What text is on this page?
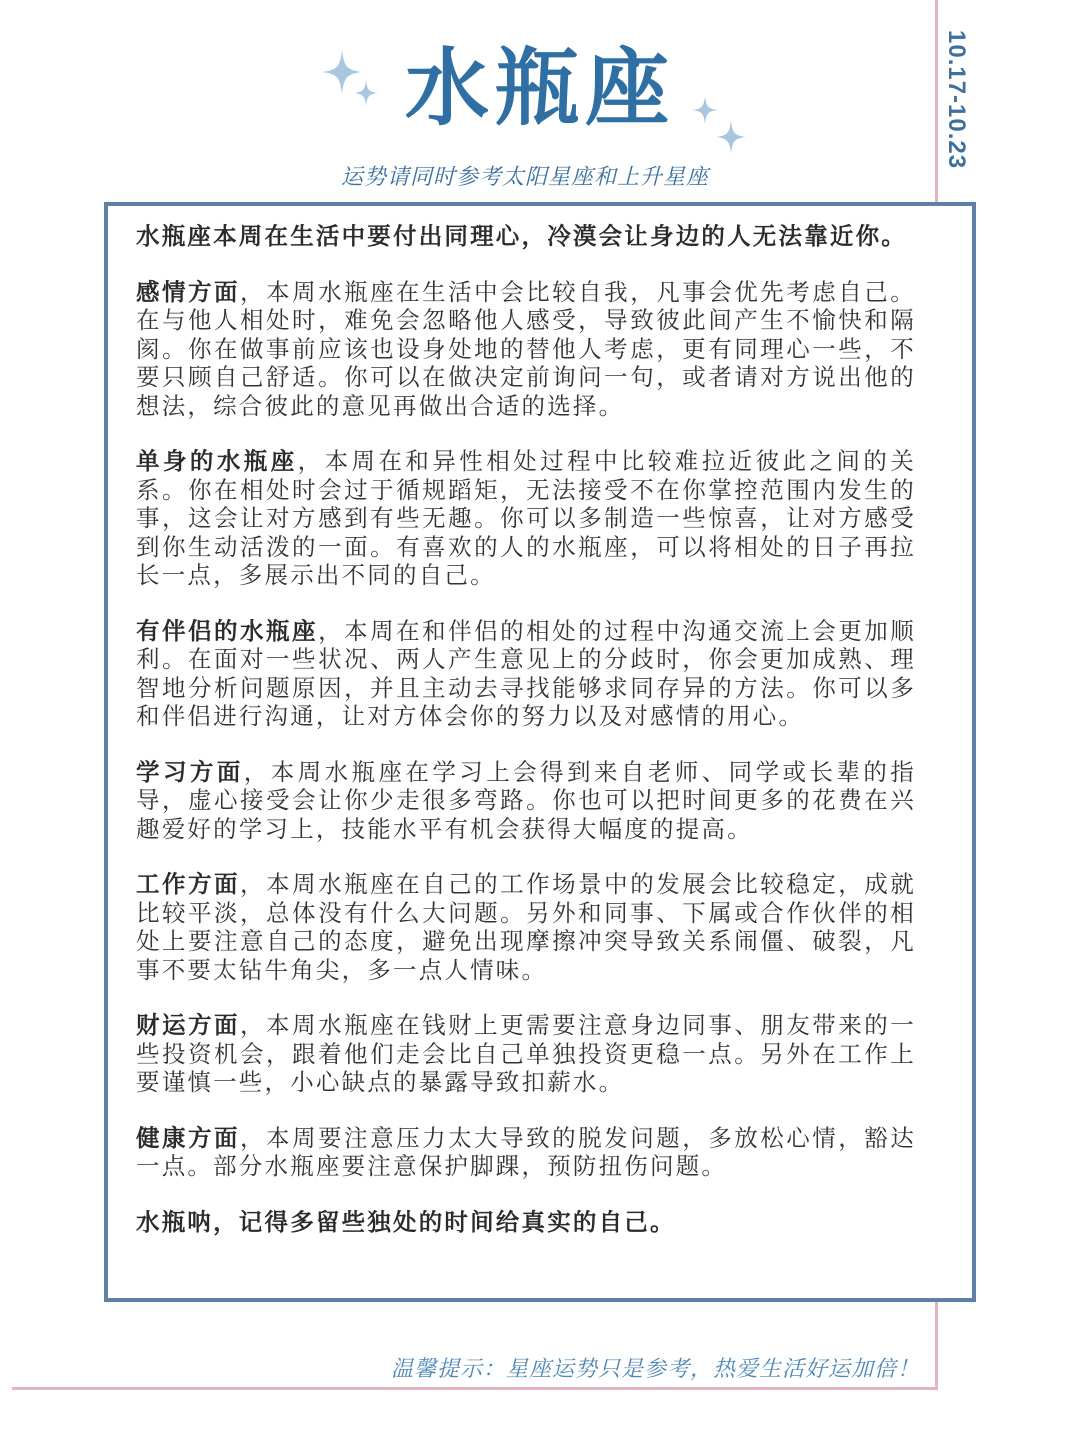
10.17-10.23
水瓶座
运势请同时参考太阳星座和上升星座

水瓶座本周在生活中要付出同理心，冷漠会让身边的人无法靠近你。

感情方面，本周水瓶座在生活中会比较自我，凡事会优先考虑自己。在与他人相处时，难免会忽略他人感受，导致彼此间产生不愉快和隔阂。你在做事前应该也设身处地的替他人考虑，更有同理心一些，不要只顾自己舒适。你可以在做决定前询问一句，或者请对方说出他的想法，综合彼此的意见再做出合适的选择。

单身的水瓶座，本周在和异性相处过程中比较难拉近彼此之间的关系。你在相处时会过于循规蹈矩，无法接受不在你掌控范围内发生的事，这会让对方感到有些无趣。你可以多制造一些惊喜，让对方感受到你生动活泼的一面。有喜欢的人的水瓶座，可以将相处的日子再拉长一点，多展示出不同的自己。

有伴侣的水瓶座，本周在和伴侣的相处的过程中沟通交流上会更加顺利。在面对一些状况、两人产生意见上的分歧时，你会更加成熟、理智地分析问题原因，并且主动去寻找能够求同存异的方法。你可以多和伴侣进行沟通，让对方体会你的努力以及对感情的用心。

学习方面，本周水瓶座在学习上会得到来自老师、同学或长辈的指导，虚心接受会让你少走很多弯路。你也可以把时间更多的花费在兴趣爱好的学习上，技能水平有机会获得大幅度的提高。

工作方面，本周水瓶座在自己的工作场景中的发展会比较稳定，成就比较平淡，总体没有什么大问题。另外和同事、下属或合作伙伴的相处上要注意自己的态度，避免出现摩擦冲突导致关系闹僵、破裂，凡事不要太钻牛角尖，多一点人情味。

财运方面，本周水瓶座在钱财上更需要注意身边同事、朋友带来的一些投资机会，跟着他们走会比自己单独投资更稳一点。另外在工作上要谨慎一些，小心缺点的暴露导致扣薪水。

健康方面，本周要注意压力太大导致的脱发问题，多放松心情，豁达一点。部分水瓶座要注意保护脚踝，预防扭伤问题。

水瓶呐，记得多留些独处的时间给真实的自己。

温馨提示：星座运势只是参考，热爱生活好运加倍！
